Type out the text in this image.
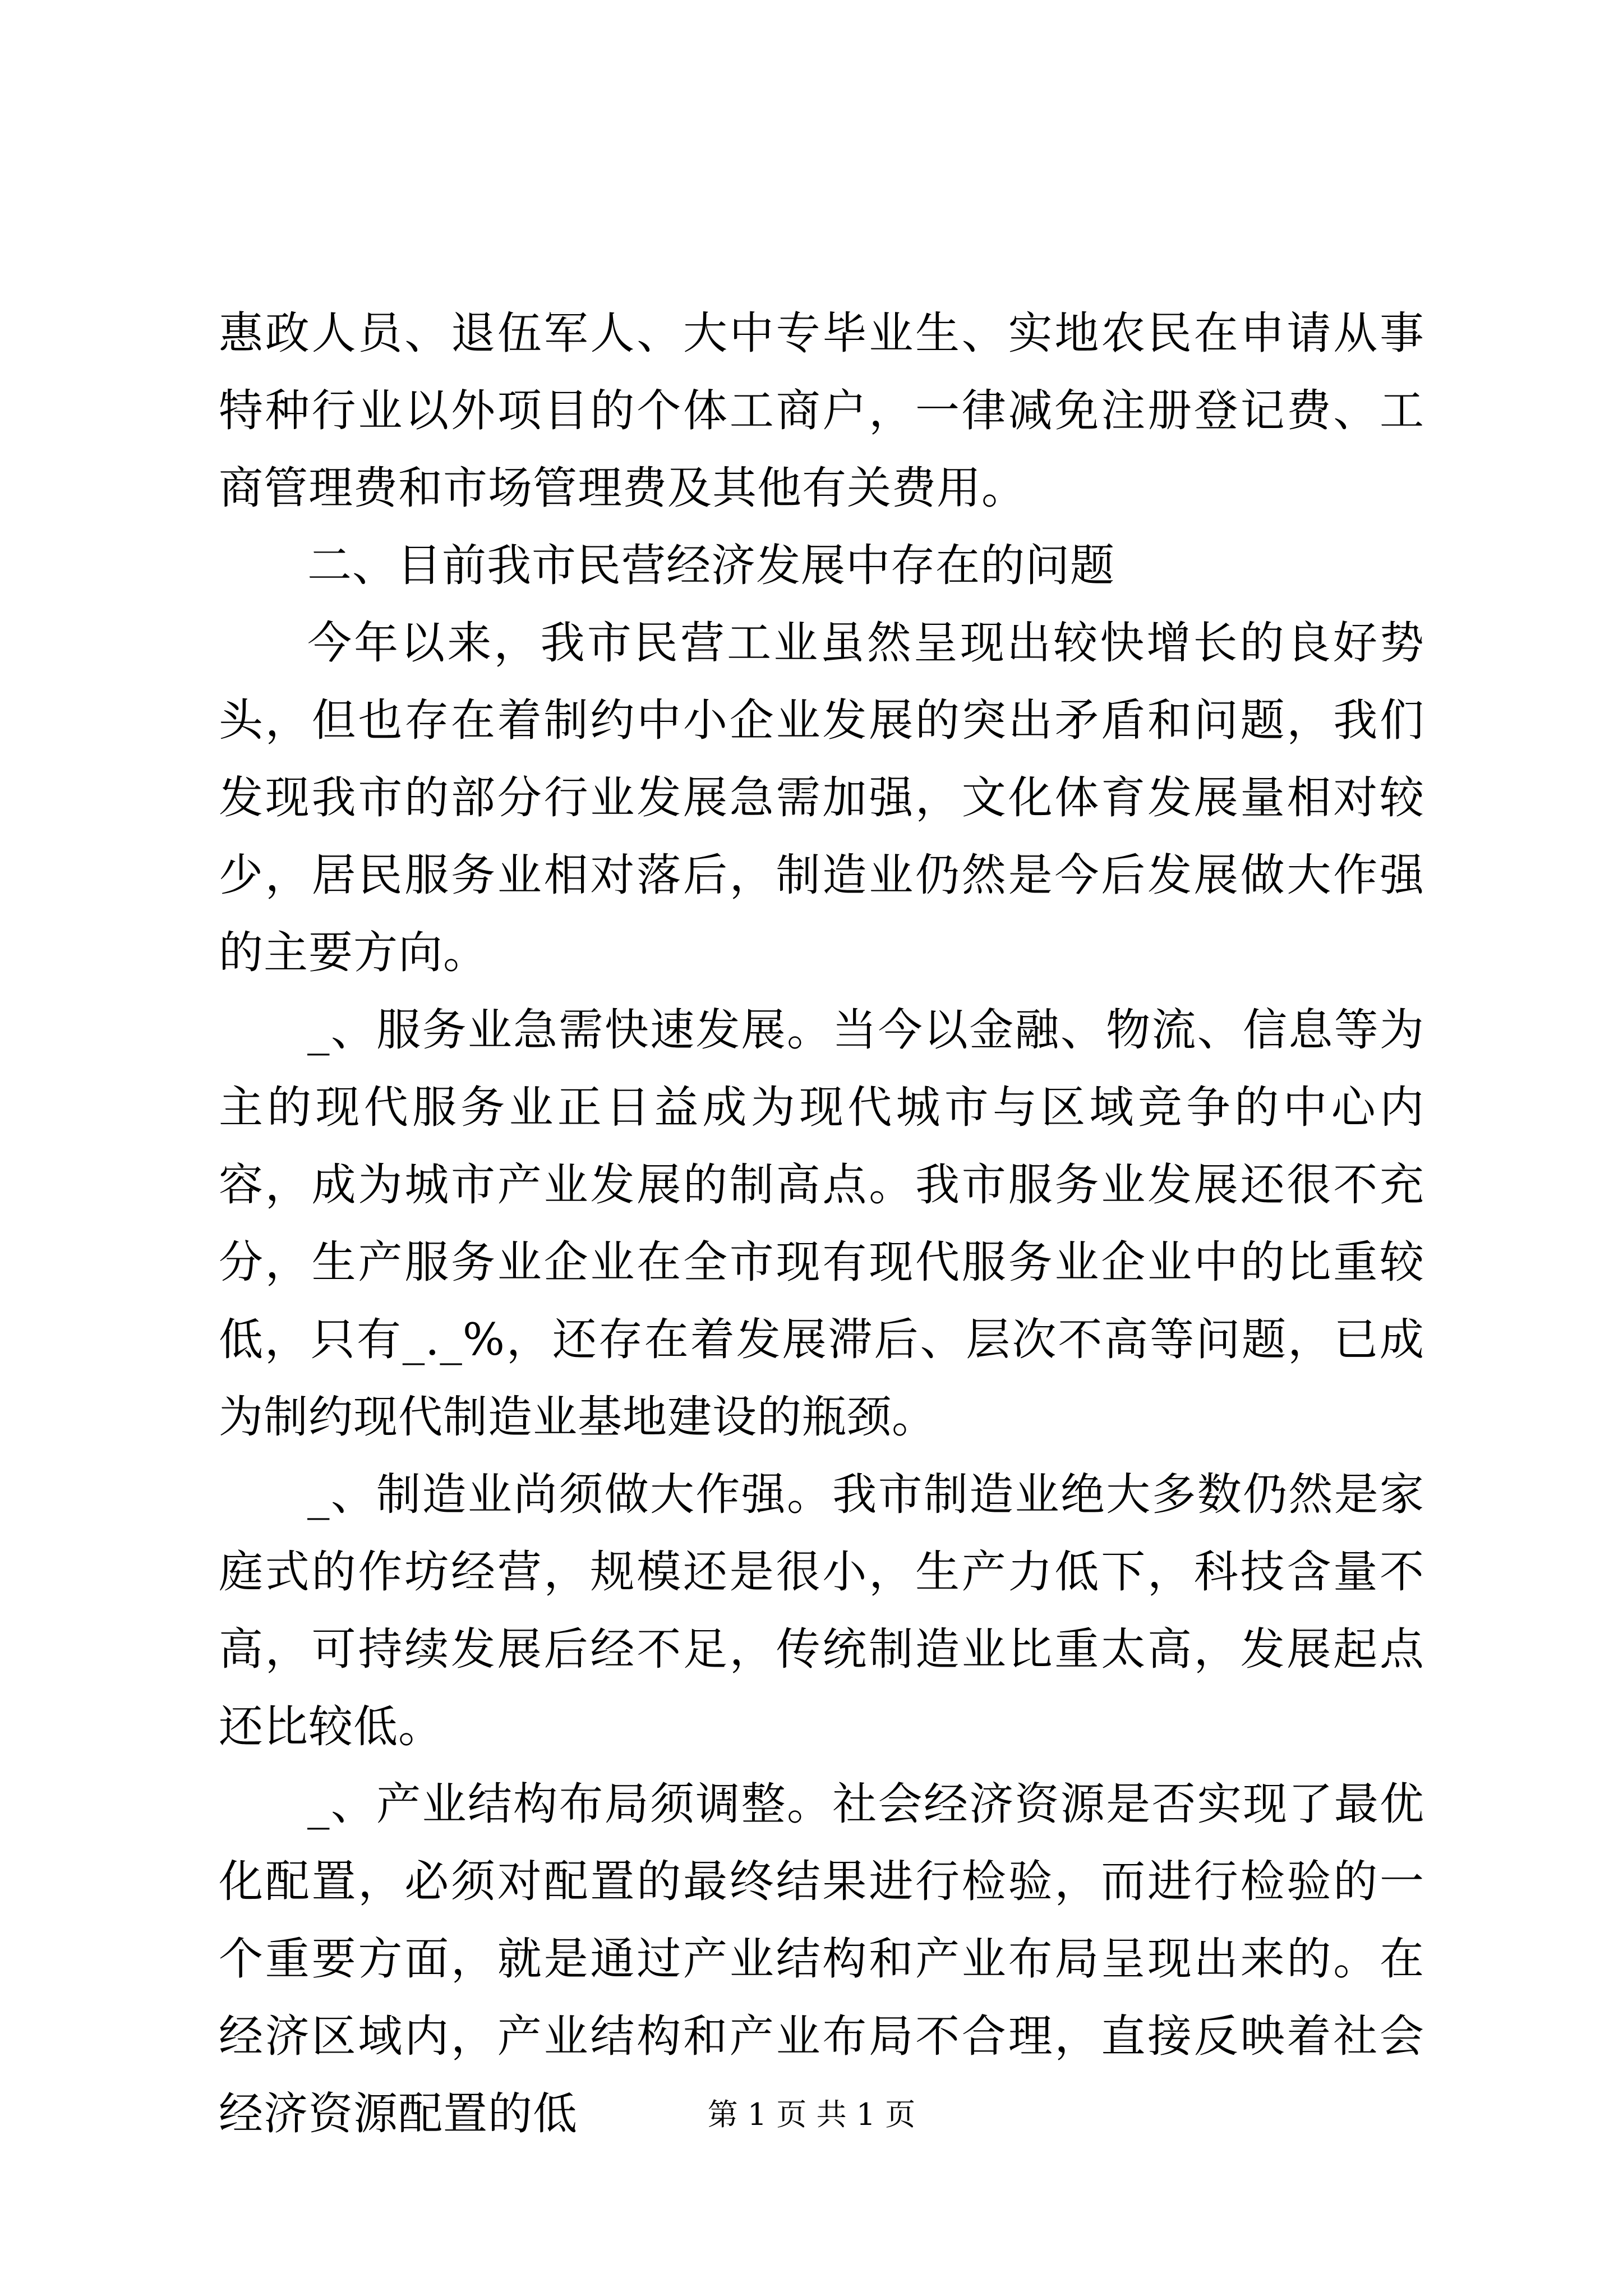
惠政人员、退伍军人、大中专毕业生、实地农民在申请从事特种行业以外项目的个体工商户，一律减免注册登记费、工商管理费和市场管理费及其他有关费用。

二、目前我市民营经济发展中存在的问题

今年以来，我市民营工业虽然呈现出较快增长的良好势头，但也存在着制约中小企业发展的突出矛盾和问题，我们发现我市的部分行业发展急需加强，文化体育发展量相对较少，居民服务业相对落后，制造业仍然是今后发展做大作强的主要方向。

_、服务业急需快速发展。当今以金融、物流、信息等为主的现代服务业正日益成为现代城市与区域竞争的中心内容，成为城市产业发展的制高点。我市服务业发展还很不充分，生产服务业企业在全市现有现代服务业企业中的比重较低，只有_._%，还存在着发展滞后、层次不高等问题，已成为制约现代制造业基地建设的瓶颈。

_、制造业尚须做大作强。我市制造业绝大多数仍然是家庭式的作坊经营，规模还是很小，生产力低下，科技含量不高，可持续发展后经不足，传统制造业比重太高，发展起点还比较低。

_、产业结构布局须调整。社会经济资源是否实现了最优化配置，必须对配置的最终结果进行检验，而进行检验的一个重要方面，就是通过产业结构和产业布局呈现出来的。在经济区域内，产业结构和产业布局不合理，直接反映着社会经济资源配置的低	第 1 页 共 1 页
